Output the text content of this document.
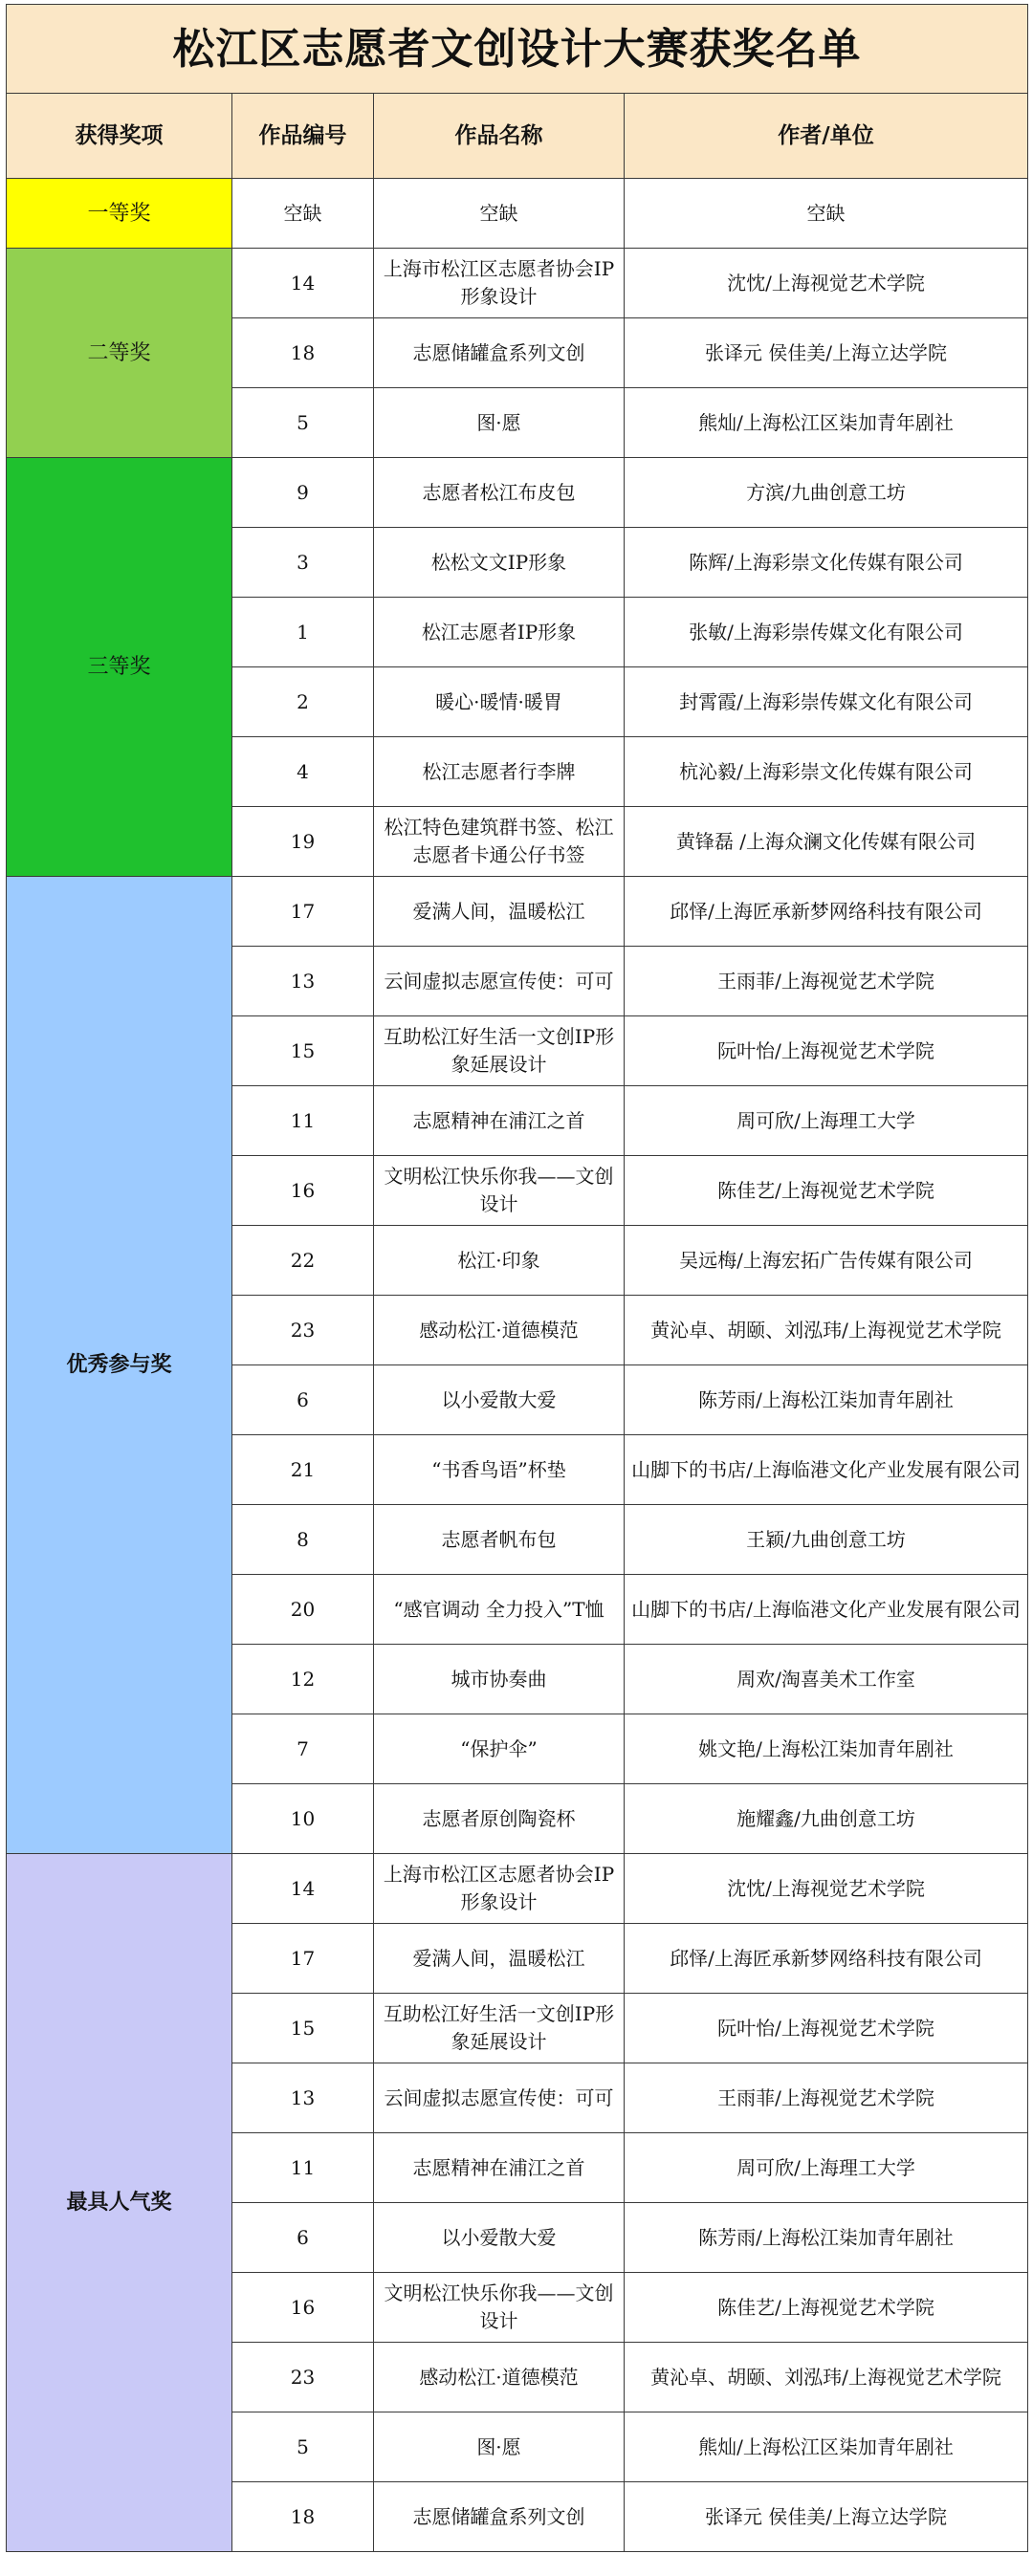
松江区志愿者文创设计大赛获奖名单			
获得奖项	作品编号	作品名称	作者/单位
一等奖	空缺	空缺	空缺
二等奖	14	上海市松江区志愿者协会IP形象设计	沈忱/上海视觉艺术学院
	18	志愿储罐盒系列文创	张译元 侯佳美/上海立达学院
	5	图·愿	熊灿/上海松江区柒加青年剧社
三等奖	9	志愿者松江布皮包	方滨/九曲创意工坊
	3	松松文文IP形象	陈辉/上海彩崇文化传媒有限公司
	1	松江志愿者IP形象	张敏/上海彩崇传媒文化有限公司
	2	暖心·暖情·暖胃	封霄霞/上海彩崇传媒文化有限公司
	4	松江志愿者行李牌	杭沁毅/上海彩崇文化传媒有限公司
	19	松江特色建筑群书签、松江志愿者卡通公仔书签	黄锋磊 /上海众澜文化传媒有限公司
优秀参与奖	17	爱满人间，温暖松江	邱怿/上海匠承新梦网络科技有限公司
	13	云间虚拟志愿宣传使：可可	王雨菲/上海视觉艺术学院
	15	互助松江好生活一文创IP形象延展设计	阮叶怡/上海视觉艺术学院
	11	志愿精神在浦江之首	周可欣/上海理工大学
	16	文明松江快乐你我——文创设计	陈佳艺/上海视觉艺术学院
	22	松江·印象	吴远梅/上海宏拓广告传媒有限公司
	23	感动松江·道德模范	黄沁卓、胡颐、刘泓玮/上海视觉艺术学院
	6	以小爱散大爱	陈芳雨/上海松江柒加青年剧社
	21	“书香鸟语”杯垫	山脚下的书店/上海临港文化产业发展有限公司
	8	志愿者帆布包	王颖/九曲创意工坊
	20	“感官调动 全力投入”T恤	山脚下的书店/上海临港文化产业发展有限公司
	12	城市协奏曲	周欢/淘喜美术工作室
	7	“保护伞”	姚文艳/上海松江柒加青年剧社
	10	志愿者原创陶瓷杯	施耀鑫/九曲创意工坊
最具人气奖	14	上海市松江区志愿者协会IP形象设计	沈忱/上海视觉艺术学院
	17	爱满人间，温暖松江	邱怿/上海匠承新梦网络科技有限公司
	15	互助松江好生活一文创IP形象延展设计	阮叶怡/上海视觉艺术学院
	13	云间虚拟志愿宣传使：可可	王雨菲/上海视觉艺术学院
	11	志愿精神在浦江之首	周可欣/上海理工大学
	6	以小爱散大爱	陈芳雨/上海松江柒加青年剧社
	16	文明松江快乐你我——文创设计	陈佳艺/上海视觉艺术学院
	23	感动松江·道德模范	黄沁卓、胡颐、刘泓玮/上海视觉艺术学院
	5	图·愿	熊灿/上海松江区柒加青年剧社
	18	志愿储罐盒系列文创	张译元 侯佳美/上海立达学院
